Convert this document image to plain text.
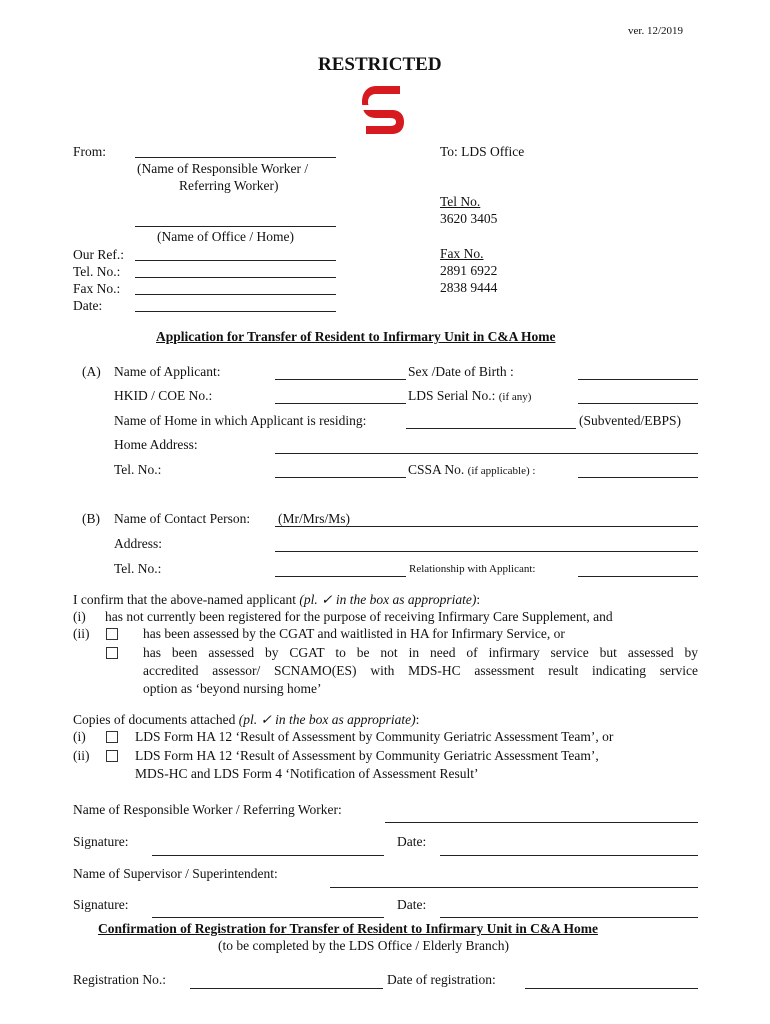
ver. 12/2019
RESTRICTED
From:
(Name of Responsible Worker /
Referring Worker)
(Name of Office / Home)
Our Ref.:
Tel. No.:
Fax No.:
Date:
To: LDS Office
Tel No.
3620 3405
Fax No.
2891 6922
2838 9444
Application for Transfer of Resident to Infirmary Unit in C&A Home
(A) Name of Applicant:	Sex /Date of Birth :
HKID / COE No.:	LDS Serial No.: (if any)
Name of Home in which Applicant is residing:	(Subvented/EBPS)
Home Address:
Tel. No.:	CSSA No. (if applicable) :
(B) Name of Contact Person: (Mr/Mrs/Ms)
Address:
Tel. No.:	Relationship with Applicant:
I confirm that the above-named applicant (pl. ✓ in the box as appropriate):
(i) has not currently been registered for the purpose of receiving Infirmary Care Supplement, and
(ii)	has been assessed by the CGAT and waitlisted in HA for Infirmary Service, or
has been assessed by CGAT to be not in need of infirmary service but assessed by
accredited assessor/ SCNAMO(ES) with MDS-HC assessment result indicating service
option as ‘beyond nursing home’
Copies of documents attached (pl. ✓ in the box as appropriate):
(i)	LDS Form HA 12 ‘Result of Assessment by Community Geriatric Assessment Team’, or
(ii)	LDS Form HA 12 ‘Result of Assessment by Community Geriatric Assessment Team’,
MDS-HC and LDS Form 4 ‘Notification of Assessment Result’
Name of Responsible Worker / Referring Worker:
Signature:	Date:
Name of Supervisor / Superintendent:
Signature:	Date:
Confirmation of Registration for Transfer of Resident to Infirmary Unit in C&A Home
(to be completed by the LDS Office / Elderly Branch)
Registration No.:	Date of registration:
